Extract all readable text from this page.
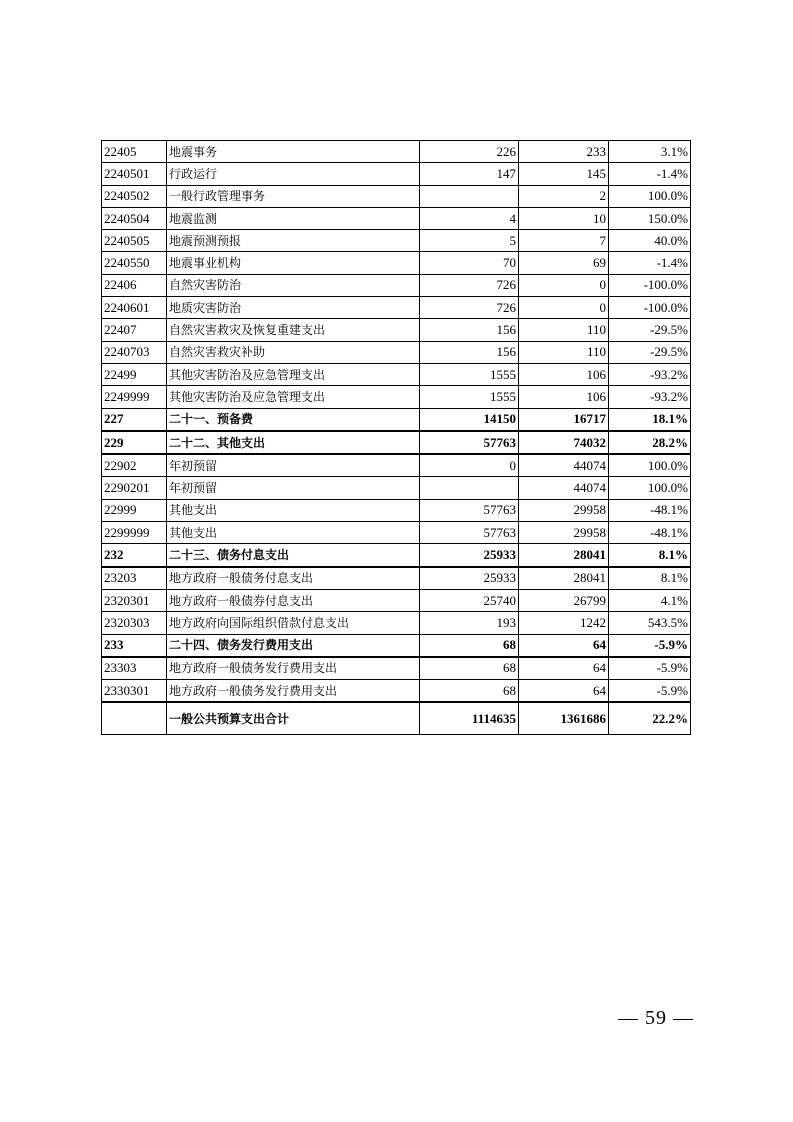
22405	地震事务	226	233	3.1%
2240501	行政运行	147	145	-1.4%
2240502	一般行政管理事务		2	100.0%
2240504	地震监测	4	10	150.0%
2240505	地震预测预报	5	7	40.0%
2240550	地震事业机构	70	69	-1.4%
22406	自然灾害防治	726	0	-100.0%
2240601	地质灾害防治	726	0	-100.0%
22407	自然灾害救灾及恢复重建支出	156	110	-29.5%
2240703	自然灾害救灾补助	156	110	-29.5%
22499	其他灾害防治及应急管理支出	1555	106	-93.2%
2249999	其他灾害防治及应急管理支出	1555	106	-93.2%
227	二十一、预备费	14150	16717	18.1%
229	二十二、其他支出	57763	74032	28.2%
22902	年初预留	0	44074	100.0%
2290201	年初预留		44074	100.0%
22999	其他支出	57763	29958	-48.1%
2299999	其他支出	57763	29958	-48.1%
232	二十三、债务付息支出	25933	28041	8.1%
23203	地方政府一般债务付息支出	25933	28041	8.1%
2320301	地方政府一般债券付息支出	25740	26799	4.1%
2320303	地方政府向国际组织借款付息支出	193	1242	543.5%
233	二十四、债务发行费用支出	68	64	-5.9%
23303	地方政府一般债务发行费用支出	68	64	-5.9%
2330301	地方政府一般债务发行费用支出	68	64	-5.9%
	一般公共预算支出合计	1114635	1361686	22.2%
— 59 —
